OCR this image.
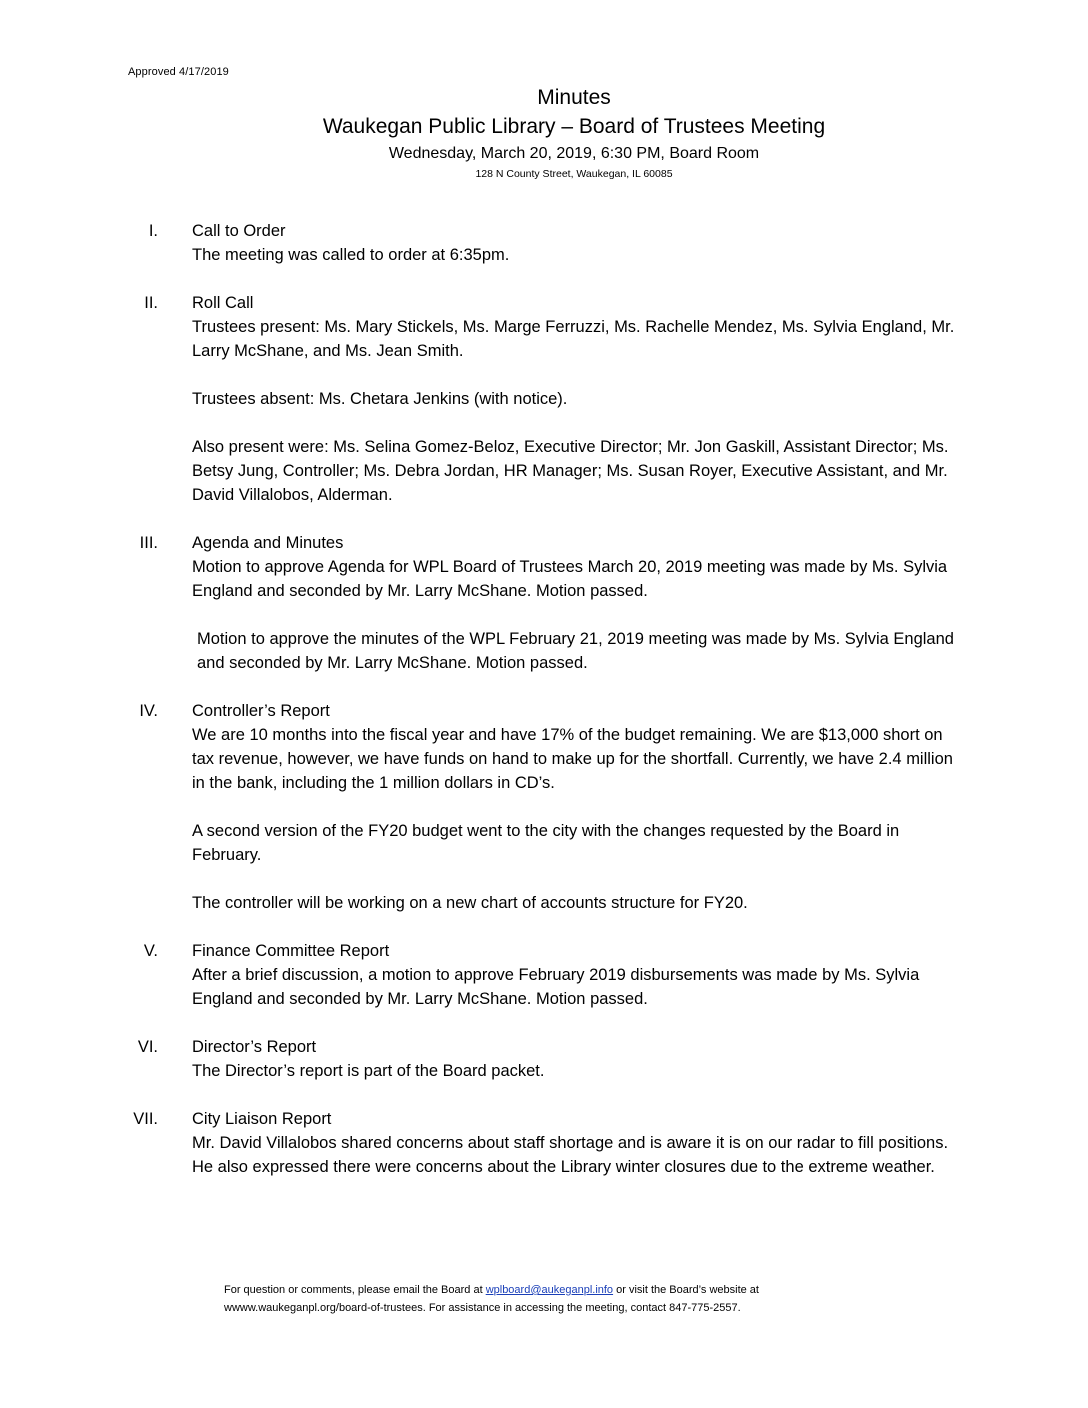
Approved 4/17/2019
Minutes
Waukegan Public Library – Board of Trustees Meeting
Wednesday, March 20, 2019, 6:30 PM, Board Room
128 N County Street, Waukegan, IL 60085
I. Call to Order

The meeting was called to order at 6:35pm.

II. Roll Call

Trustees present: Ms. Mary Stickels, Ms. Marge Ferruzzi, Ms. Rachelle Mendez, Ms. Sylvia England, Mr. Larry McShane, and Ms. Jean Smith.

Trustees absent: Ms. Chetara Jenkins (with notice).

Also present were: Ms. Selina Gomez-Beloz, Executive Director; Mr. Jon Gaskill, Assistant Director; Ms. Betsy Jung, Controller; Ms. Debra Jordan, HR Manager; Ms. Susan Royer, Executive Assistant, and Mr. David Villalobos, Alderman.

III. Agenda and Minutes

Motion to approve Agenda for WPL Board of Trustees March 20, 2019 meeting was made by Ms. Sylvia England and seconded by Mr. Larry McShane. Motion passed.

Motion to approve the minutes of the WPL February 21, 2019 meeting was made by Ms. Sylvia England and seconded by Mr. Larry McShane. Motion passed.

IV. Controller’s Report

We are 10 months into the fiscal year and have 17% of the budget remaining. We are $13,000 short on tax revenue, however, we have funds on hand to make up for the shortfall. Currently, we have 2.4 million in the bank, including the 1 million dollars in CD’s.

A second version of the FY20 budget went to the city with the changes requested by the Board in February.

The controller will be working on a new chart of accounts structure for FY20.

V. Finance Committee Report

After a brief discussion, a motion to approve February 2019 disbursements was made by Ms. Sylvia England and seconded by Mr. Larry McShane. Motion passed.

VI. Director’s Report

The Director’s report is part of the Board packet.

VII. City Liaison Report

Mr. David Villalobos shared concerns about staff shortage and is aware it is on our radar to fill positions. He also expressed there were concerns about the Library winter closures due to the extreme weather.

For question or comments, please email the Board at wplboard@aukeganpl.info or visit the Board’s website at
wwww.waukeganpl.org/board-of-trustees. For assistance in accessing the meeting, contact 847-775-2557.
